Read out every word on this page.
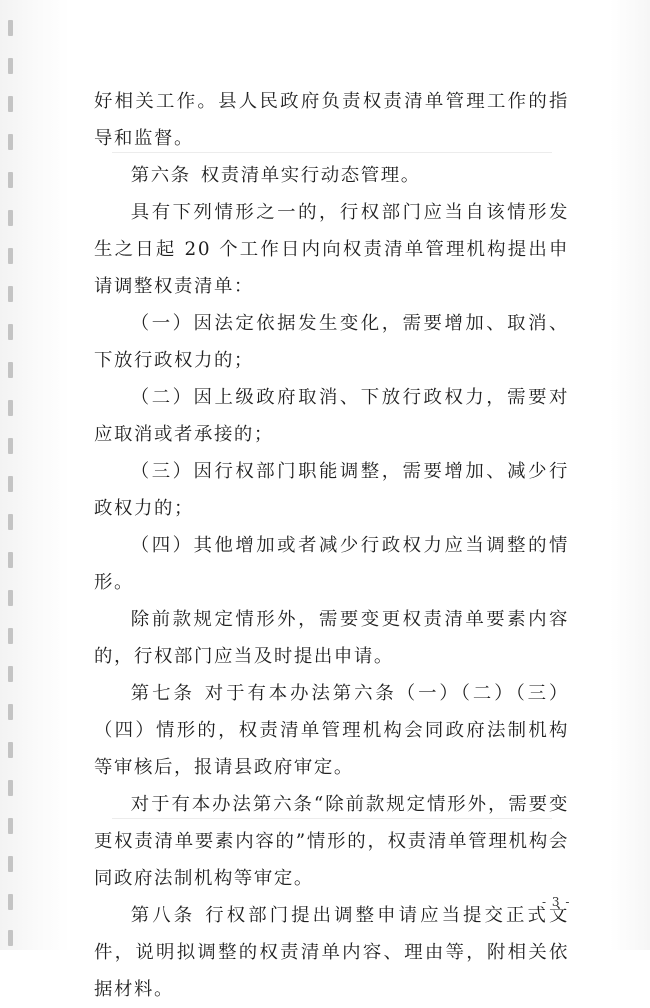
好相关工作。县人民政府负责权责清单管理工作的指导和监督。

第六条 权责清单实行动态管理。

具有下列情形之一的，行权部门应当自该情形发生之日起 20 个工作日内向权责清单管理机构提出申请调整权责清单：

（一）因法定依据发生变化，需要增加、取消、下放行政权力的；

（二）因上级政府取消、下放行政权力，需要对应取消或者承接的；

（三）因行权部门职能调整，需要增加、减少行政权力的；

（四）其他增加或者减少行政权力应当调整的情形。

除前款规定情形外，需要变更权责清单要素内容的，行权部门应当及时提出申请。

第七条 对于有本办法第六条（一）（二）（三）（四）情形的，权责清单管理机构会同政府法制机构等审核后，报请县政府审定。

对于有本办法第六条“除前款规定情形外，需要变更权责清单要素内容的”情形的，权责清单管理机构会同政府法制机构等审定。

第八条 行权部门提出调整申请应当提交正式文件，说明拟调整的权责清单内容、理由等，附相关依据材料。

- 3 -
